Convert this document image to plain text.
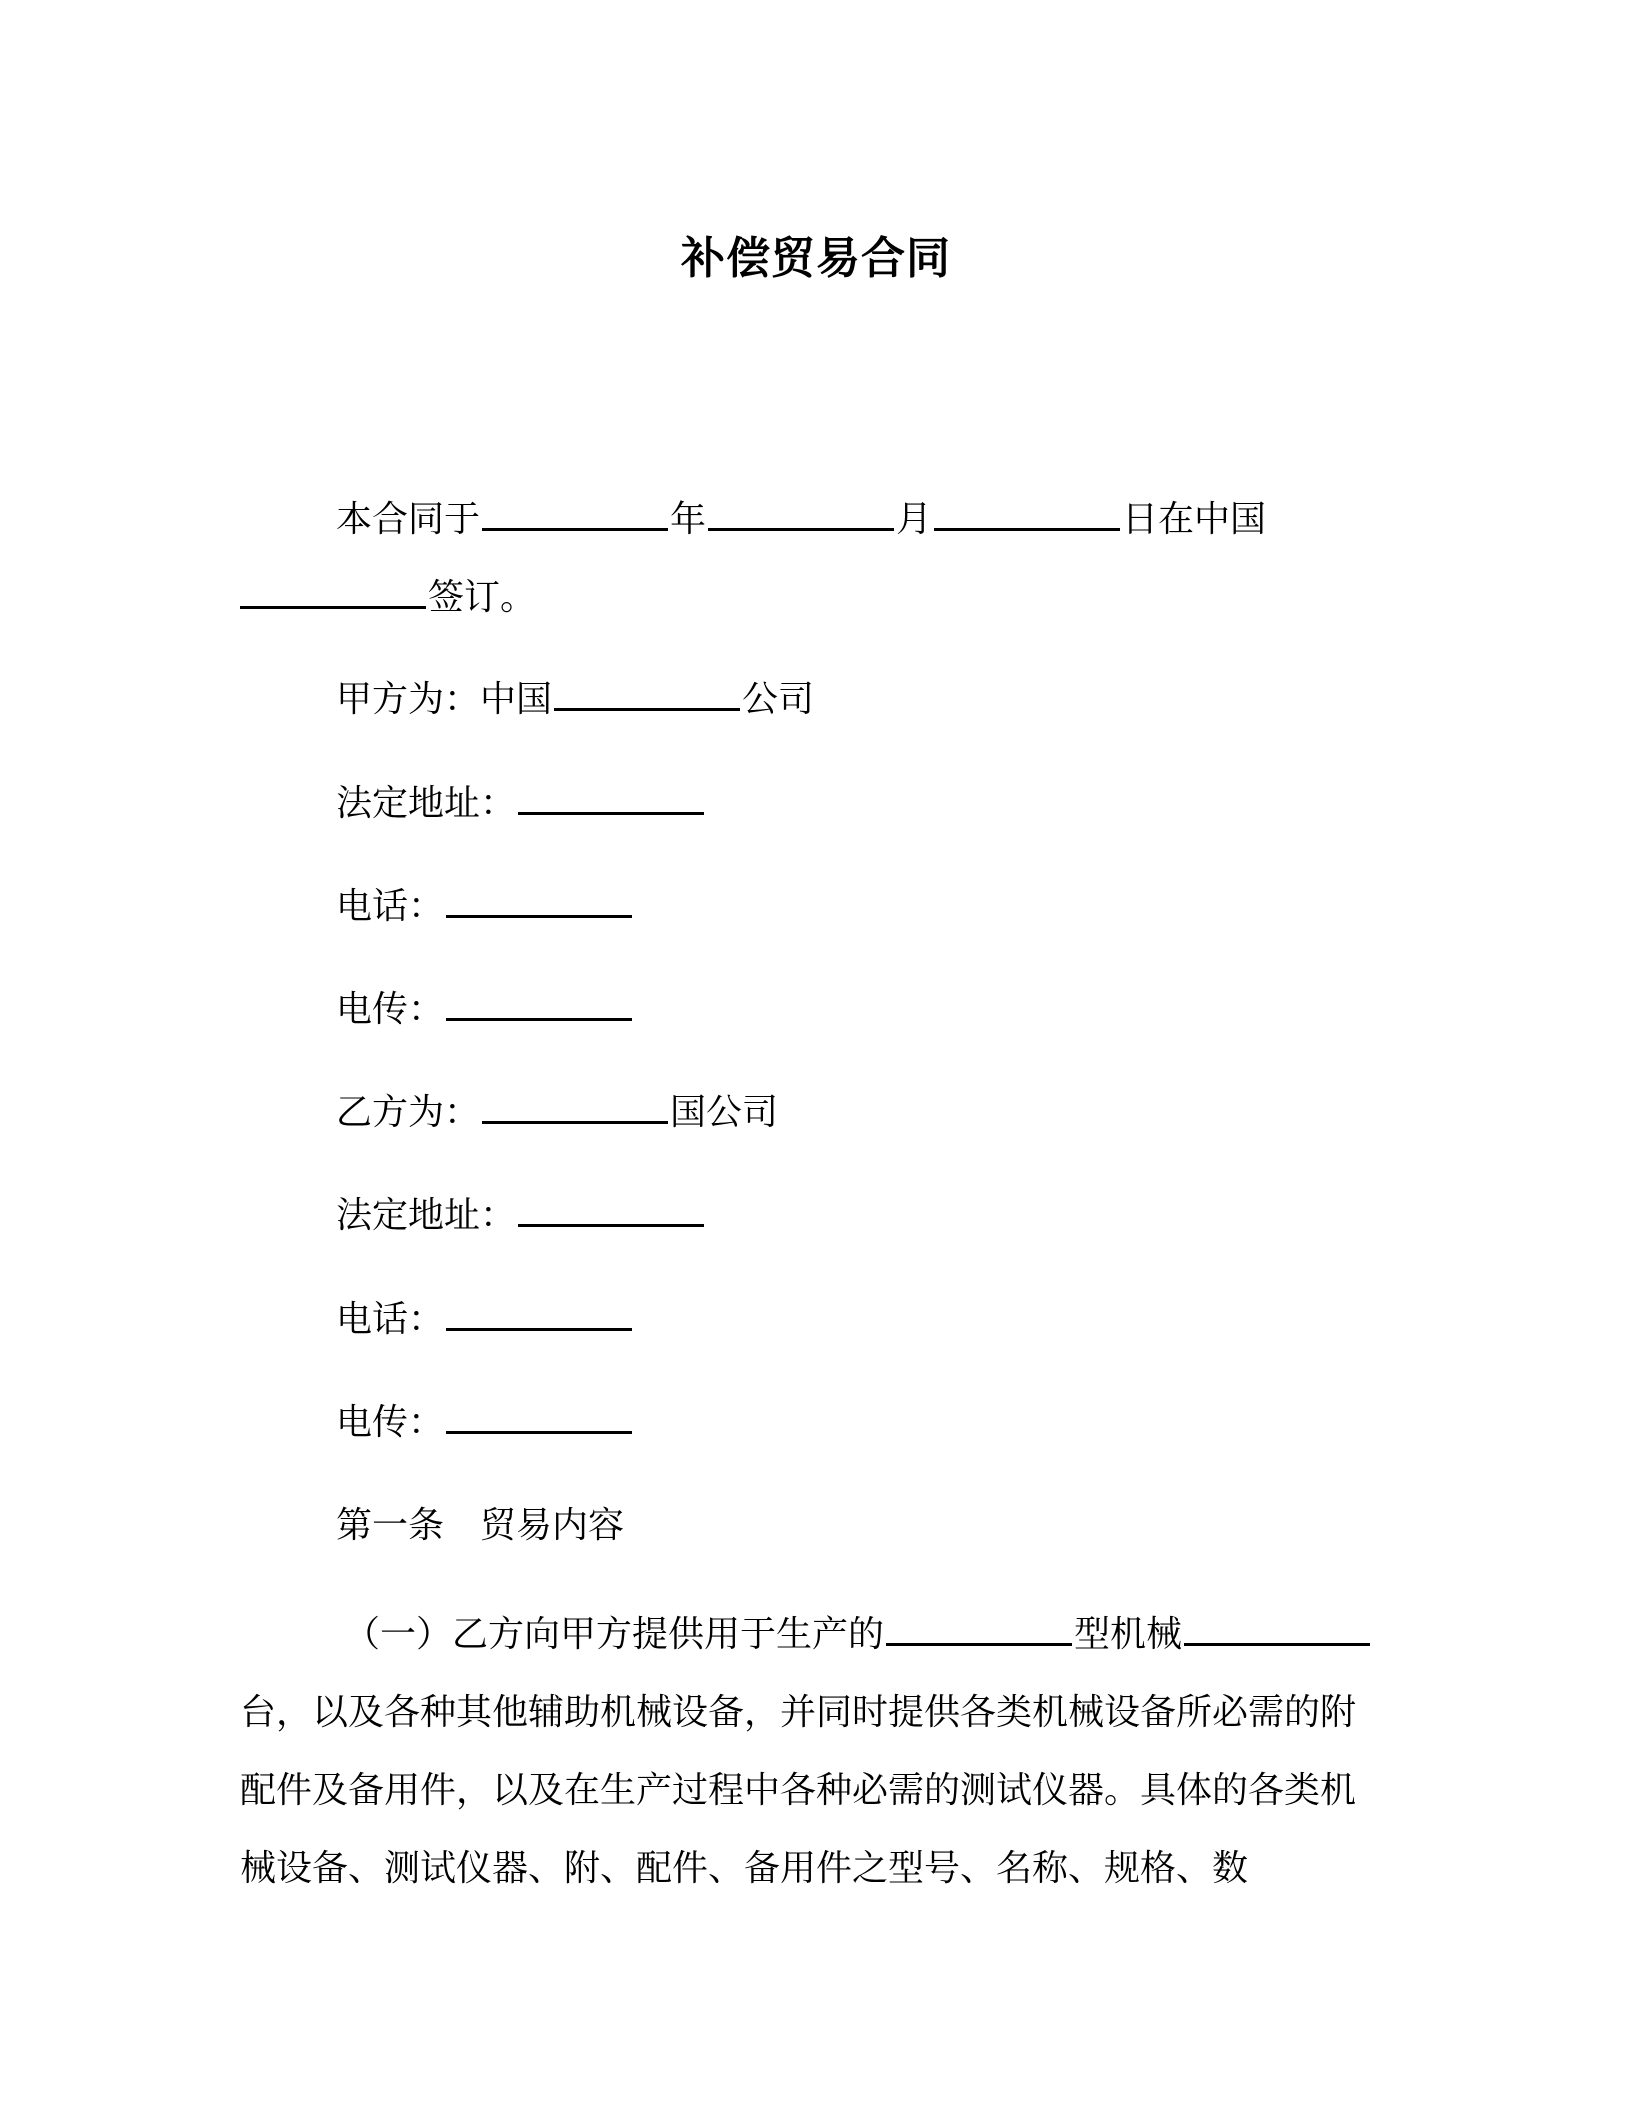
补偿贸易合同
本合同于	年	月	日在中国
签订。
甲方为：中国	公司
法定地址：
电话：
电传：
乙方为：	国公司
法定地址：
电话：
电传：
第一条　贸易内容
（一）乙方向甲方提供用于生产的	型机械台，以及各种其他辅助机械设备，并同时提供各类机械设备所必需的附配件及备用件，以及在生产过程中各种必需的测试仪器。具体的各类机械设备、测试仪器、附、配件、备用件之型号、名称、规格、数
